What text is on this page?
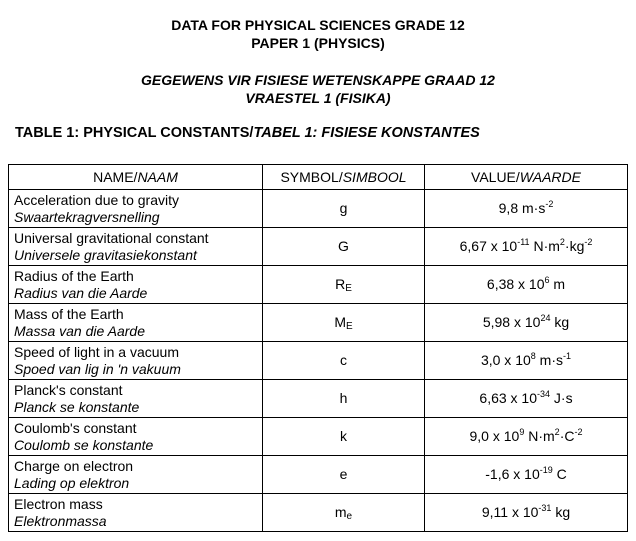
DATA FOR PHYSICAL SCIENCES GRADE 12
PAPER 1 (PHYSICS)
GEGEWENS VIR FISIESE WETENSKAPPE GRAAD 12
VRAESTEL 1 (FISIKA)
TABLE 1: PHYSICAL CONSTANTS/TABEL 1: FISIESE KONSTANTES
NAME/NAAM	SYMBOL/SIMBOOL	VALUE/WAARDE

Acceleration due to gravity
Swaartekragversnelling	g	9,8 $m\cdot s^{-2}$

Universal gravitational constant
Universele gravitasiekonstant	G	6,67 x $10^{-11}$ $N\cdot m^2\cdot kg^{-2}$

Radius of the Earth
Radius van die Aarde	$R_E$	6,38 x $10^6$ m

Mass of the Earth
Massa van die Aarde	$M_E$	5,98 x $10^{24}$ kg

Speed of light in a vacuum
Spoed van lig in 'n vakuum	c	3,0 x $10^8$ $m\cdot s^{-1}$

Planck's constant
Planck se konstante	h	6,63 x $10^{-34}$ J·s

Coulomb's constant
Coulomb se konstante	k	9,0 x $10^9$ $N\cdot m^2\cdot C^{-2}$

Charge on electron
Lading op elektron	e	-1,6 x $10^{-19}$ C

Electron mass
Elektronmassa	$m_e$	9,11 x $10^{-31}$ kg
